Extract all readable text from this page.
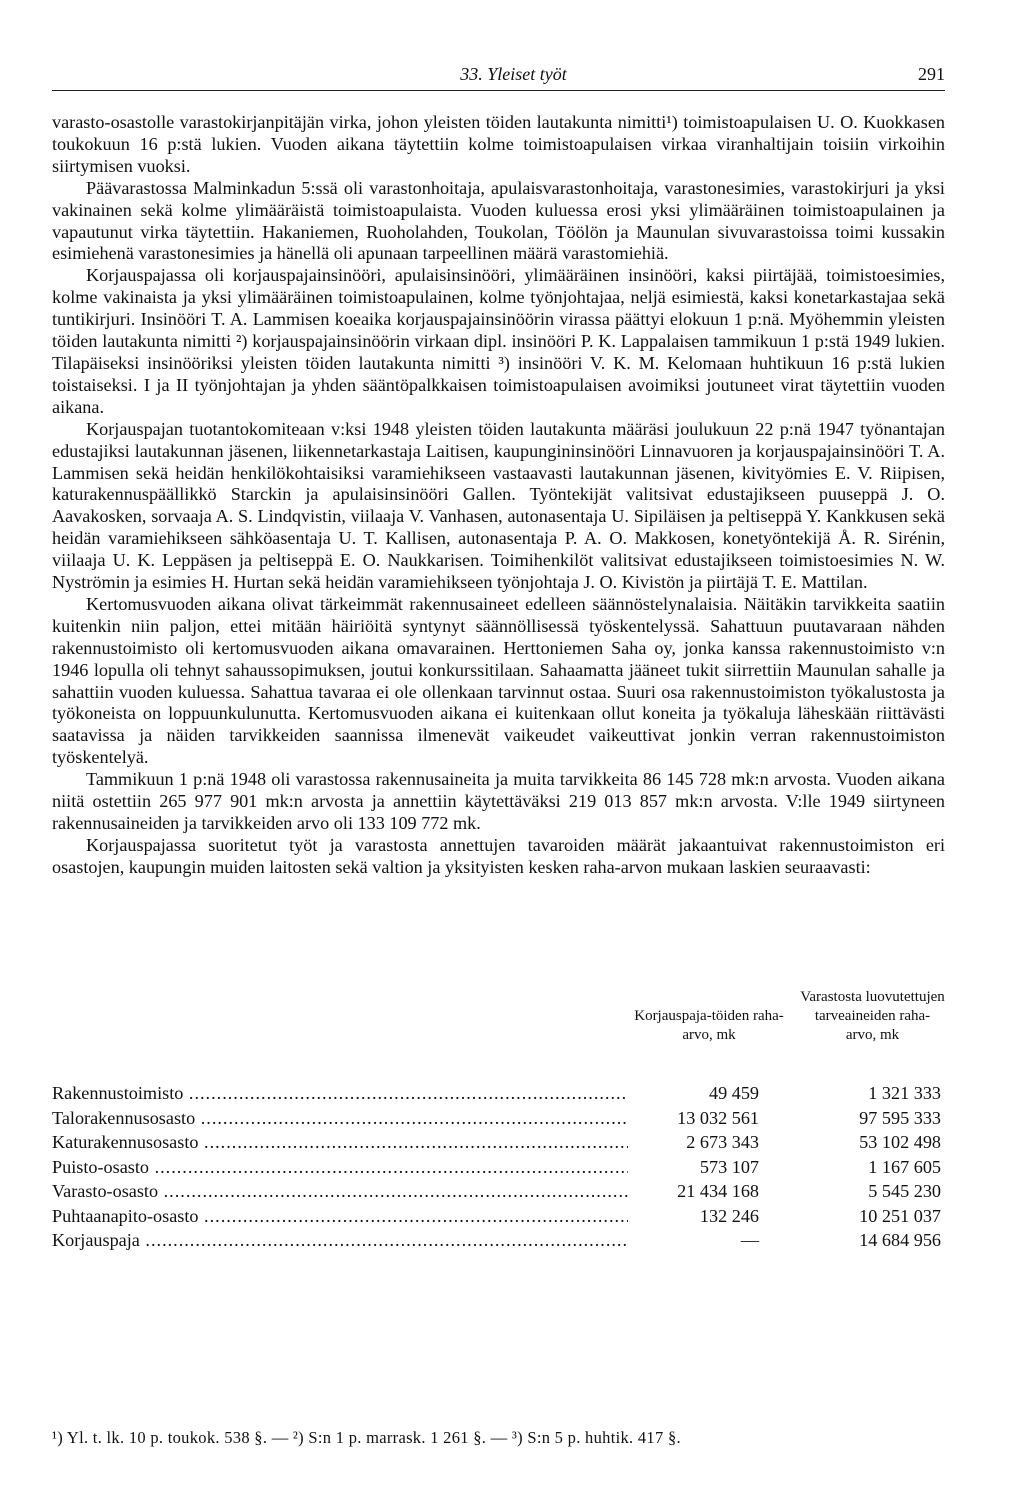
33. Yleiset työt	291

varasto-osastolle varastokirjanpitäjän virka, johon yleisten töiden lautakunta nimitti¹) toimistoapulaisen U. O. Kuokkasen toukokuun 16 p:stä lukien. Vuoden aikana täytettiin kolme toimistoapulaisen virkaa viranhaltijain toisiin virkoihin siirtymisen vuoksi.

Päävarastossa Malminkadun 5:ssä oli varastonhoitaja, apulaisvarastonhoitaja, varastonesimies, varastokirjuri ja yksi vakinainen sekä kolme ylimääräistä toimistoapulaista. Vuoden kuluessa erosi yksi ylimääräinen toimistoapulainen ja vapautunut virka täytettiin. Hakaniemen, Ruoholahden, Toukolan, Töölön ja Maunulan sivuvarastoissa toimi kussakin esimiehenä varastonesimies ja hänellä oli apunaan tarpeellinen määrä varastomiehiä.

Korjauspajassa oli korjauspajainsinööri, apulaisinsinööri, ylimääräinen insinööri, kaksi piirtäjää, toimistoesimies, kolme vakinaista ja yksi ylimääräinen toimistoapulainen, kolme työnjohtajaa, neljä esimiestä, kaksi konetarkastajaa sekä tuntikirjuri. Insinööri T. A. Lammisen koeaika korjauspajainsinöörin virassa päättyi elokuun 1 p:nä. Myöhemmin yleisten töiden lautakunta nimitti ²) korjauspajainsinöörin virkaan dipl. insinööri P. K. Lappalaisen tammikuun 1 p:stä 1949 lukien. Tilapäiseksi insinööriksi yleisten töiden lautakunta nimitti ³) insinööri V. K. M. Kelomaan huhtikuun 16 p:stä lukien toistaiseksi. I ja II työnjohtajan ja yhden sääntöpalkkaisen toimistoapulaisen avoimiksi joutuneet virat täytettiin vuoden aikana.

Korjauspajan tuotantokomiteaan v:ksi 1948 yleisten töiden lautakunta määräsi joulukuun 22 p:nä 1947 työnantajan edustajiksi lautakunnan jäsenen, liikennetarkastaja Laitisen, kaupungininsinööri Linnavuoren ja korjauspajainsinööri T. A. Lammisen sekä heidän henkilökohtaisiksi varamiehikseen vastaavasti lautakunnan jäsenen, kivityömies E. V. Riipisen, katurakennuspäällikkö Starckin ja apulaisinsinööri Gallen. Työntekijät valitsivat edustajikseen puuseppä J. O. Aavakosken, sorvaaja A. S. Lindqvistin, viilaaja V. Vanhasen, autonasentaja U. Sipiläisen ja peltiseppä Y. Kankkusen sekä heidän varamiehikseen sähköasentaja U. T. Kallisen, autonasentaja P. A. O. Makkosen, konetyöntekijä Å. R. Sirénin, viilaaja U. K. Leppäsen ja peltiseppä E. O. Naukkarisen. Toimihenkilöt valitsivat edustajikseen toimistoesimies N. W. Nyströmin ja esimies H. Hurtan sekä heidän varamiehikseen työnjohtaja J. O. Kivistön ja piirtäjä T. E. Mattilan.

Kertomusvuoden aikana olivat tärkeimmät rakennusaineet edelleen säännöstelynalaisia. Näitäkin tarvikkeita saatiin kuitenkin niin paljon, ettei mitään häiriöitä syntynyt säännöllisessä työskentelyssä. Sahattuun puutavaraan nähden rakennustoimisto oli kertomusvuoden aikana omavarainen. Herttoniemen Saha oy, jonka kanssa rakennustoimisto v:n 1946 lopulla oli tehnyt sahaussopimuksen, joutui konkurssitilaan. Sahaamatta jääneet tukit siirrettiin Maunulan sahalle ja sahattiin vuoden kuluessa. Sahattua tavaraa ei ole ollenkaan tarvinnut ostaa. Suuri osa rakennustoimiston työkalustosta ja työkoneista on loppuunkulunutta. Kertomusvuoden aikana ei kuitenkaan ollut koneita ja työkaluja läheskään riittävästi saatavissa ja näiden tarvikkeiden saannissa ilmenevät vaikeudet vaikeuttivat jonkin verran rakennustoimiston työskentelyä.

Tammikuun 1 p:nä 1948 oli varastossa rakennusaineita ja muita tarvikkeita 86 145 728 mk:n arvosta. Vuoden aikana niitä ostettiin 265 977 901 mk:n arvosta ja annettiin käytettäväksi 219 013 857 mk:n arvosta. V:lle 1949 siirtyneen rakennusaineiden ja tarvikkeiden arvo oli 133 109 772 mk.

Korjauspajassa suoritetut työt ja varastosta annettujen tavaroiden määrät jakaantuivat rakennustoimiston eri osastojen, kaupungin muiden laitosten sekä valtion ja yksityisten kesken raha-arvon mukaan laskien seuraavasti:

Korjauspaja-töiden raha-arvo, mk
Varastosta luovutettujen tarveaineiden raha-arvo, mk
Rakennustoimisto .....	49 459	1 321 333
Talorakennusosasto .....	13 032 561	97 595 333
Katurakennusosasto .....	2 673 343	53 102 498
Puisto-osasto .....	573 107	1 167 605
Varasto-osasto .....	21 434 168	5 545 230
Puhtaanapito-osasto .....	132 246	10 251 037
Korjauspaja .....	—	14 684 956
¹) Yl. t. lk. 10 p. toukok. 538 §. — ²) S:n 1 p. marrask. 1 261 §. — ³) S:n 5 p. huhtik. 417 §.
